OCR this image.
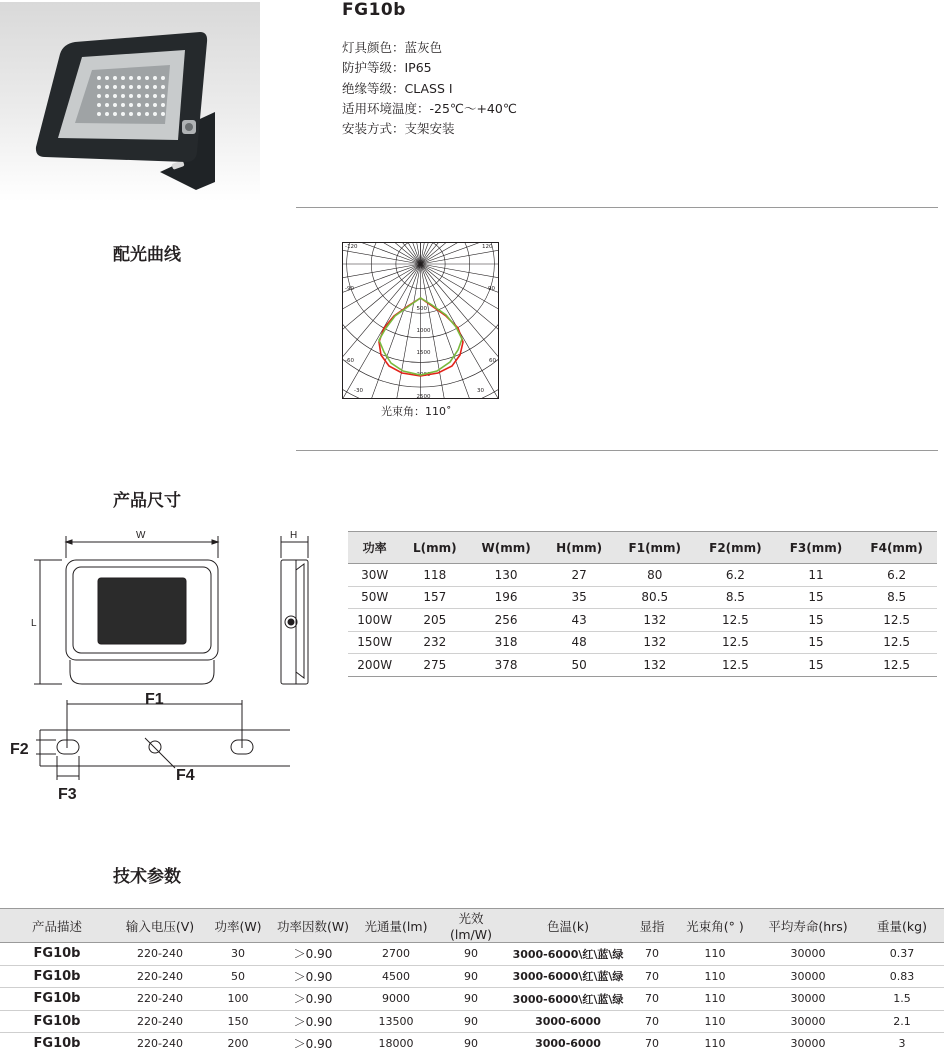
FG10b
灯具颜色：蓝灰色
防护等级：IP65
绝缘等级：CLASS Ⅰ
适用环境温度：-25℃～+40℃
安装方式：支架安装
配光曲线	-120	120
-90	90
-60	60
-30	30
500
1000
1500
2000
2500
光束角：110˚
产品尺寸
W	H
L
F1
F2
F3
F4
功率	L(mm)	W(mm)	H(mm)	F1(mm)	F2(mm)	F3(mm)	F4(mm)
30W	118	130	27	80	6.2	11	6.2
50W	157	196	35	80.5	8.5	15	8.5
100W	205	256	43	132	12.5	15	12.5
150W	232	318	48	132	12.5	15	12.5
200W	275	378	50	132	12.5	15	12.5
技术参数
产品描述	输入电压(V)	功率(W)	功率因数(W)	光通量(lm)	光效 (lm/W)	色温(k)	显指	光束角(° )	平均寿命(hrs)	重量(kg)
FG10b	220-240	30	＞0.90	2700	90	3000-6000\红\蓝\绿	70	110	30000	0.37
FG10b	220-240	50	＞0.90	4500	90	3000-6000\红\蓝\绿	70	110	30000	0.83
FG10b	220-240	100	＞0.90	9000	90	3000-6000\红\蓝\绿	70	110	30000	1.5
FG10b	220-240	150	＞0.90	13500	90	3000-6000	70	110	30000	2.1
FG10b	220-240	200	＞0.90	18000	90	3000-6000	70	110	30000	3
